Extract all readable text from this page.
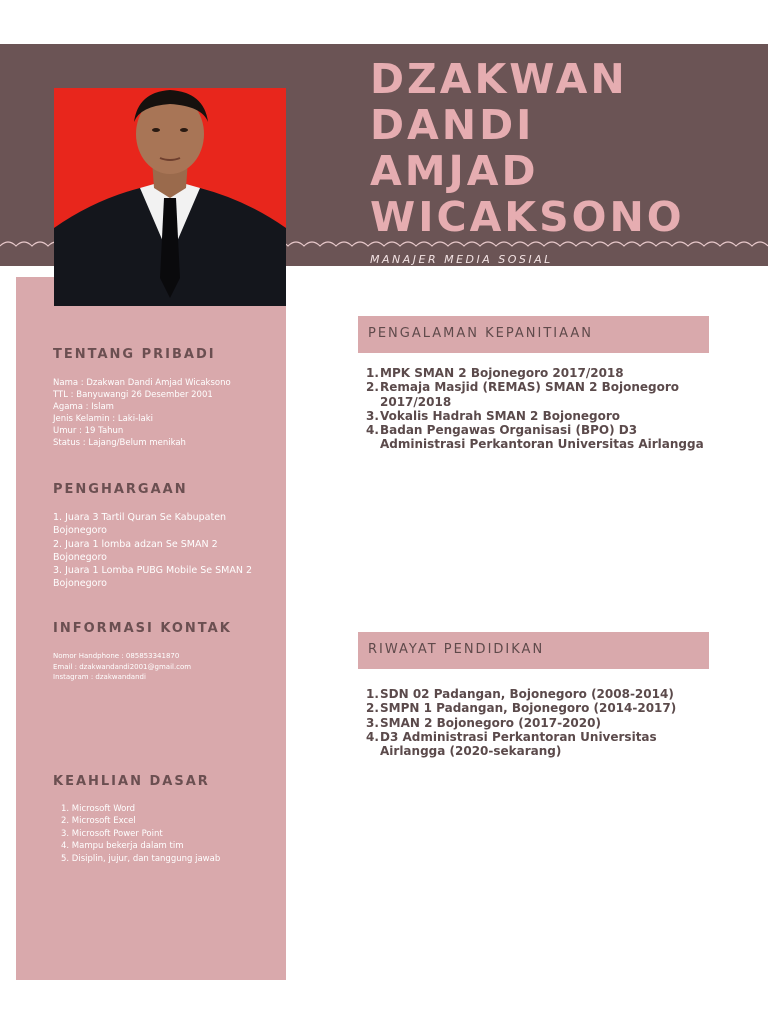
DZAKWAN
DANDI
AMJAD
WICAKSONO
MANAJER MEDIA SOSIAL
TENTANG PRIBADI
Nama : Dzakwan Dandi Amjad Wicaksono
TTL : Banyuwangi 26 Desember 2001
Agama : Islam
Jenis Kelamin : Laki-laki
Umur : 19 Tahun
Status : Lajang/Belum menikah
PENGHARGAAN
1. Juara 3 Tartil Quran Se Kabupaten Bojonegoro
2. Juara 1 lomba adzan Se SMAN 2 Bojonegoro
3. Juara 1 Lomba PUBG Mobile Se SMAN 2 Bojonegoro
INFORMASI KONTAK
Nomor Handphone : 085853341870
Email : dzakwandandi2001@gmail.com
Instagram : dzakwandandi
KEAHLIAN DASAR
1. Microsoft Word
2. Microsoft Excel
3. Microsoft Power Point
4. Mampu bekerja dalam tim
5. Disiplin, jujur, dan tanggung jawab
PENGALAMAN KEPANITIAAN
1. MPK SMAN 2 Bojonegoro 2017/2018
2. Remaja Masjid (REMAS) SMAN 2 Bojonegoro 2017/2018
3. Vokalis Hadrah SMAN 2 Bojonegoro
4. Badan Pengawas Organisasi (BPO) D3 Administrasi Perkantoran Universitas Airlangga
RIWAYAT PENDIDIKAN
1. SDN 02 Padangan, Bojonegoro (2008-2014)
2. SMPN 1 Padangan, Bojonegoro (2014-2017)
3. SMAN 2 Bojonegoro (2017-2020)
4. D3 Administrasi Perkantoran Universitas Airlangga (2020-sekarang)
